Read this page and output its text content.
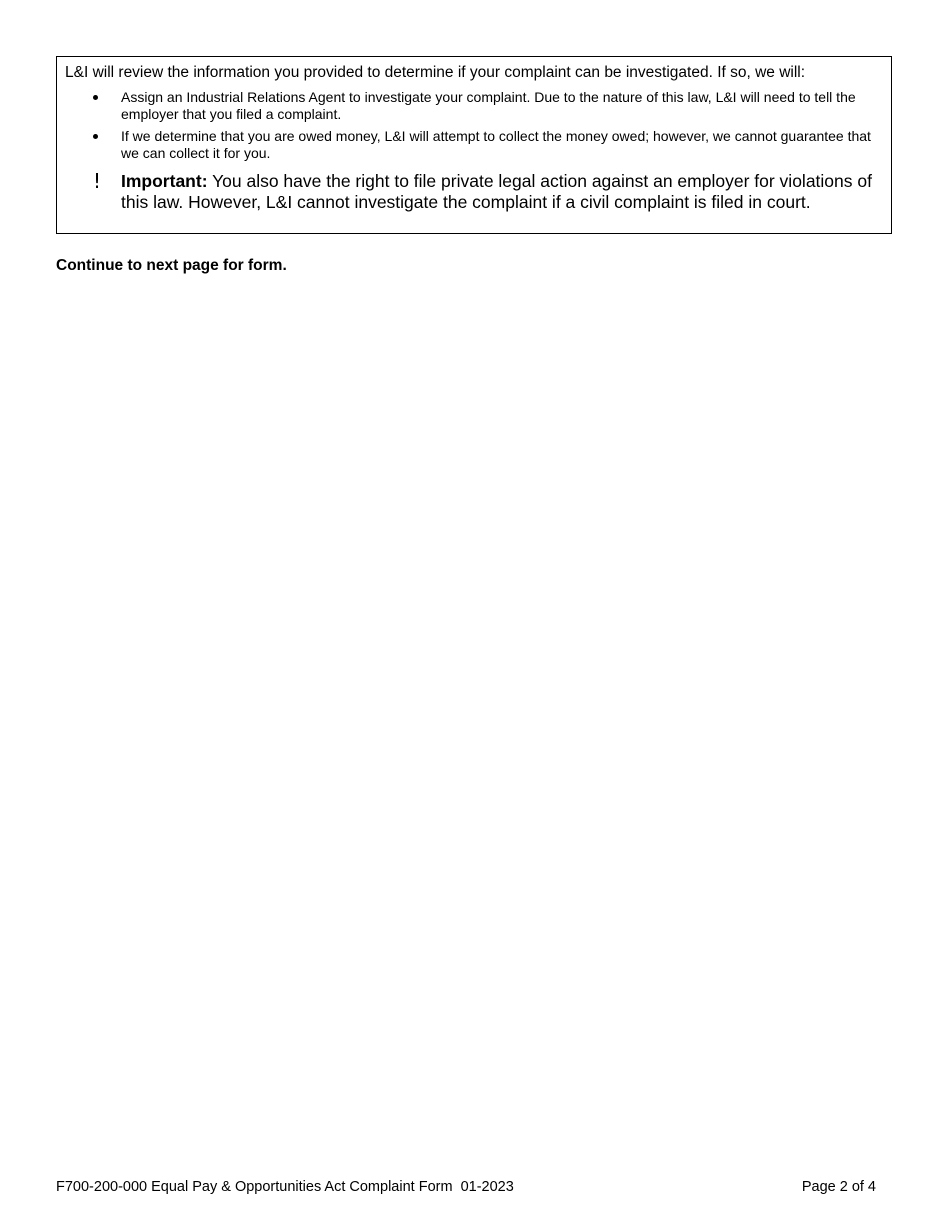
L&I will review the information you provided to determine if your complaint can be investigated. If so, we will:
Assign an Industrial Relations Agent to investigate your complaint. Due to the nature of this law, L&I will need to tell the employer that you filed a complaint.
If we determine that you are owed money, L&I will attempt to collect the money owed; however, we cannot guarantee that we can collect it for you.
! Important: You also have the right to file private legal action against an employer for violations of this law. However, L&I cannot investigate the complaint if a civil complaint is filed in court.
Continue to next page for form.
F700-200-000 Equal Pay & Opportunities Act Complaint Form  01-2023	Page 2 of 4
